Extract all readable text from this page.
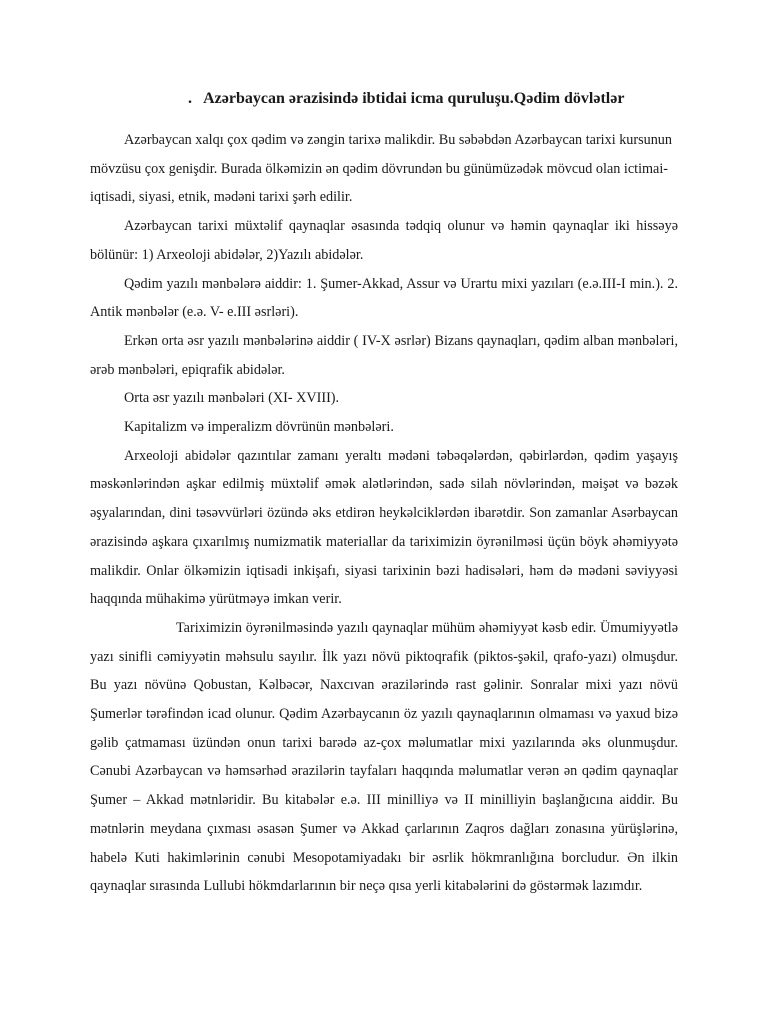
. Azərbaycan ərazisində ibtidai icma quruluşu.Qədim dövlətlər

Azərbaycan xalqı çox qədim və zəngin tarixə malikdir. Bu səbəbdən Azərbaycan tarixi kursunun mövzüsu çox genişdir. Burada ölkəmizin ən qədim dövrundən bu günümüzədək mövcud olan ictimai-iqtisadi, siyasi, etnik, mədəni tarixi şərh edilir.

Azərbaycan tarixi müxtəlif qaynaqlar əsasında tədqiq olunur və həmin qaynaqlar iki hissəyə bölünür: 1) Arxeoloji abidələr, 2)Yazılı abidələr.

Qədim yazılı mənbələrə aiddir: 1. Şumer-Akkad, Assur və Urartu mixi yazıları (e.ə.III-I min.). 2. Antik mənbələr (e.ə. V- e.III əsrləri).

Erkən orta əsr yazılı mənbələrinə aiddir ( IV-X əsrlər) Bizans qaynaqları, qədim alban mənbələri, ərəb mənbələri, epiqrafik abidələr.

Orta əsr yazılı mənbələri (XI- XVIII).

Kapitalizm və imperalizm dövrünün mənbələri.

Arxeoloji abidələr qazıntılar zamanı yeraltı mədəni təbəqələrdən, qəbirlərdən, qədim yaşayış məskənlərindən aşkar edilmiş müxtəlif əmək alətlərindən, sadə silah növlərindən, məişət və bəzək əşyalarından, dini təsəvvürləri özündə əks etdirən heykəlciklərdən ibarətdir. Son zamanlar Asərbaycan ərazisində aşkara çıxarılmış numizmatik materiallar da tariximizin öyrənilməsi üçün böyk əhəmiyyətə malikdir. Onlar ölkəmizin iqtisadi inkişafı, siyasi tarixinin bəzi hadisələri, həm də mədəni səviyyəsi haqqında mühakimə yürütməyə imkan verir.

Tariximizin öyrənilməsində yazılı qaynaqlar mühüm əhəmiyyət kəsb edir. Ümumiyyətlə yazı sinifli cəmiyyətin məhsulu sayılır. İlk yazı növü piktoqrafik (piktos-şəkil, qrafo-yazı) olmuşdur. Bu yazı növünə Qobustan, Kəlbəcər, Naxcıvan ərazilərində rast gəlinir. Sonralar mixi yazı növü Şumerlər tərəfindən icad olunur. Qədim Azərbaycanın öz yazılı qaynaqlarının olmaması və yaxud bizə gəlib çatmaması üzündən onun tarixi barədə az-çox məlumatlar mixi yazılarında əks olunmuşdur. Cənubi Azərbaycan və həmsərhəd ərazilərin tayfaları haqqında məlumatlar verən ən qədim qaynaqlar Şumer – Akkad mətnləridir. Bu kitabələr e.ə. III minilliyə və II minilliyin başlanğıcına aiddir. Bu mətnlərin meydana çıxması əsasən Şumer və Akkad çarlarının Zaqros dağları zonasına yürüşlərinə, habelə Kuti hakimlərinin cənubi Mesopotamiyadakı bir əsrlik hökmranlığına borcludur. Ən ilkin qaynaqlar sırasında Lullubi hökmdarlarının bir neçə qısa yerli kitabələrini də göstərmək lazımdır.
